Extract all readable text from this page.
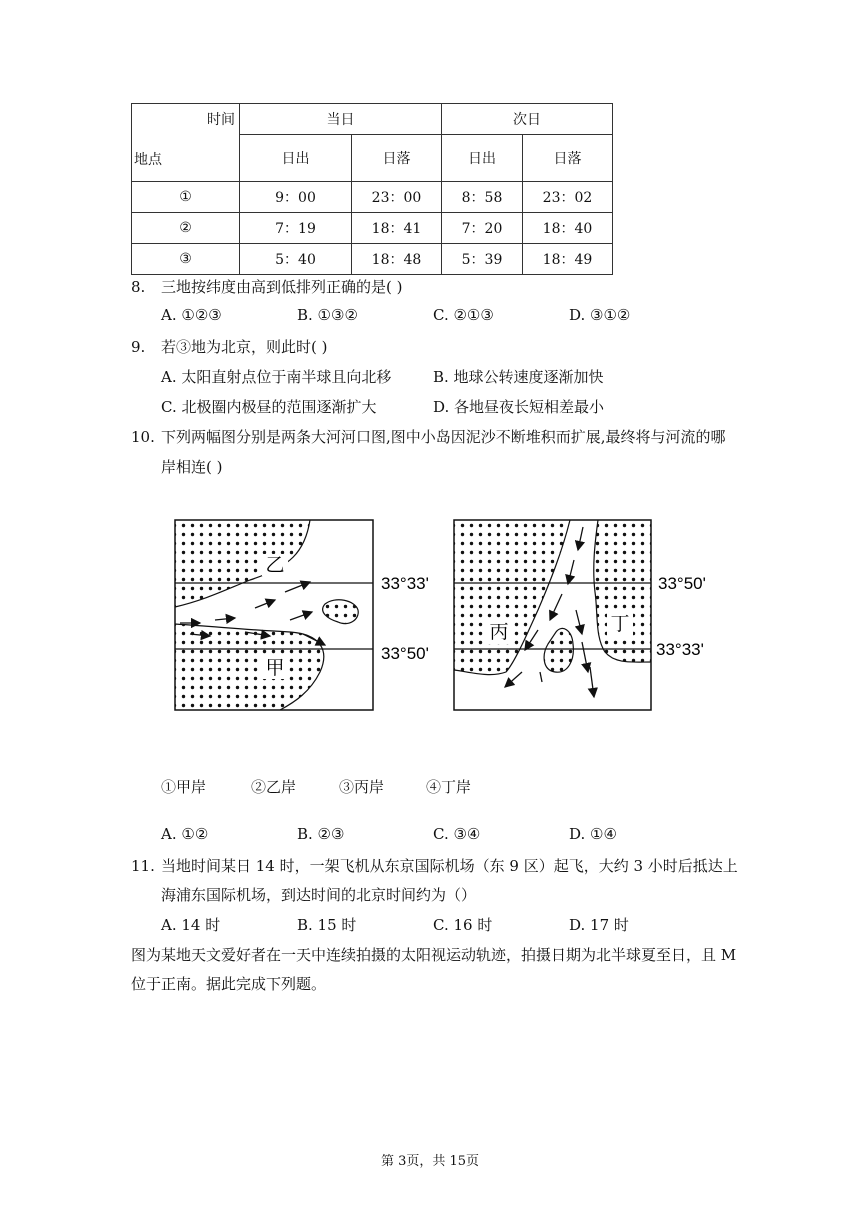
时间
地点	当日		次日	
	日出	日落	日出	日落
①	9：00	23：00	8：58	23：02
②	7：19	18：41	7：20	18：40
③	5：40	18：48	5：39	18：49
8. 三地按纬度由高到低排列正确的是( )
A. ①②③	B. ①③②	C. ②①③	D. ③①②
9. 若③地为北京，则此时( )
A. 太阳直射点位于南半球且向北移	B. 地球公转速度逐渐加快
C. 北极圈内极昼的范围逐渐扩大	D. 各地昼夜长短相差最小
10. 下列两幅图分别是两条大河河口图,图中小岛因泥沙不断堆积而扩展,最终将与河流的哪
岸相连( )
乙
甲
33°33'
33°50'
丙	丁
33°50'
33°33'
①甲岸	②乙岸	③丙岸	④丁岸
A. ①②	B. ②③	C. ③④	D. ①④
11. 当地时间某日 14 时，一架飞机从东京国际机场（东 9 区）起飞，大约 3 小时后抵达上
海浦东国际机场，到达时间的北京时间约为（）
A. 14 时	B. 15 时	C. 16 时	D. 17 时
图为某地天文爱好者在一天中连续拍摄的太阳视运动轨迹，拍摄日期为北半球夏至日，且 M
位于正南。据此完成下列题。
第 3页，共 15页
